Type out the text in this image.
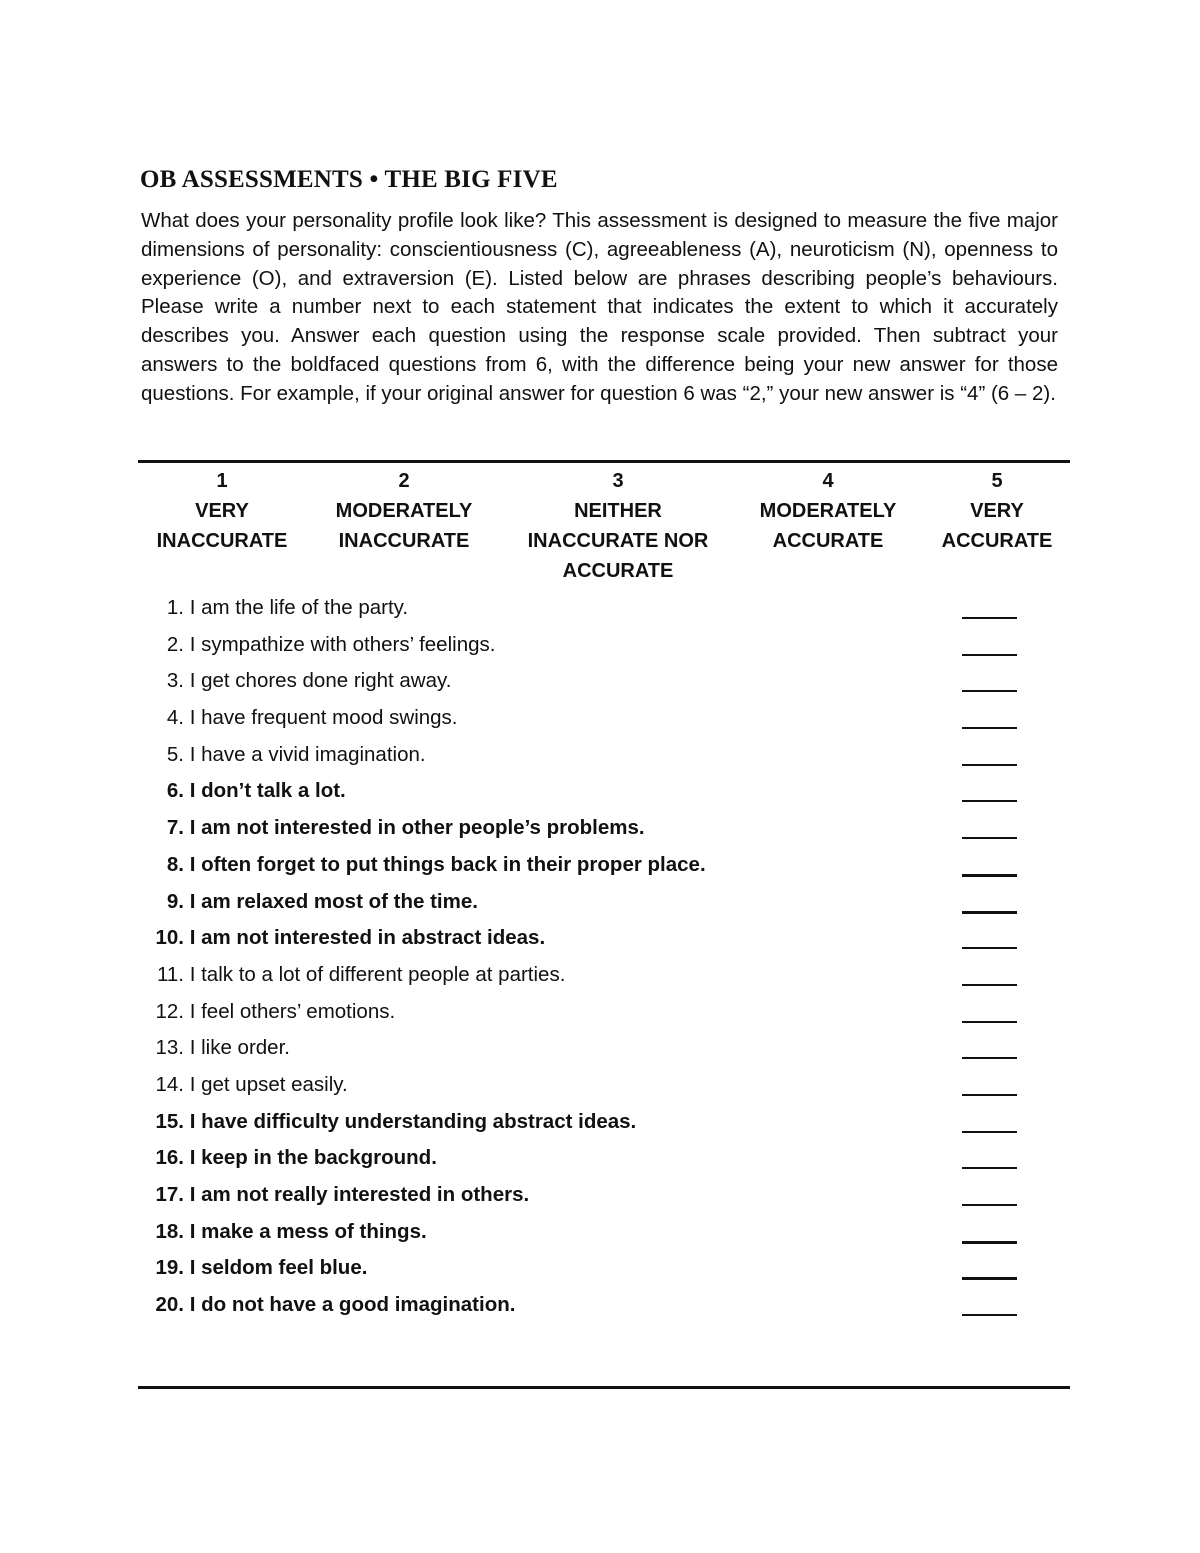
OB ASSESSMENTS • THE BIG FIVE
What does your personality profile look like? This assessment is designed to measure the five major dimensions of personality: conscientiousness (C), agreeableness (A), neuroticism (N), openness to experience (O), and extraversion (E). Listed below are phrases describing people’s behaviours. Please write a number next to each statement that indicates the extent to which it accurately describes you. Answer each question using the response scale provided. Then subtract your answers to the boldfaced questions from 6, with the difference being your new answer for those questions. For example, if your original answer for question 6 was “2,” your new answer is “4” (6 – 2).
1
VERY INACCURATE
2
MODERATELY INACCURATE
3
NEITHER INACCURATE NOR ACCURATE
4
MODERATELY ACCURATE
5
VERY ACCURATE
1. I am the life of the party.
2. I sympathize with others’ feelings.
3. I get chores done right away.
4. I have frequent mood swings.
5. I have a vivid imagination.
6. I don’t talk a lot.
7. I am not interested in other people’s problems.
8. I often forget to put things back in their proper place.
9. I am relaxed most of the time.
10. I am not interested in abstract ideas.
11. I talk to a lot of different people at parties.
12. I feel others’ emotions.
13. I like order.
14. I get upset easily.
15. I have difficulty understanding abstract ideas.
16. I keep in the background.
17. I am not really interested in others.
18. I make a mess of things.
19. I seldom feel blue.
20. I do not have a good imagination.
